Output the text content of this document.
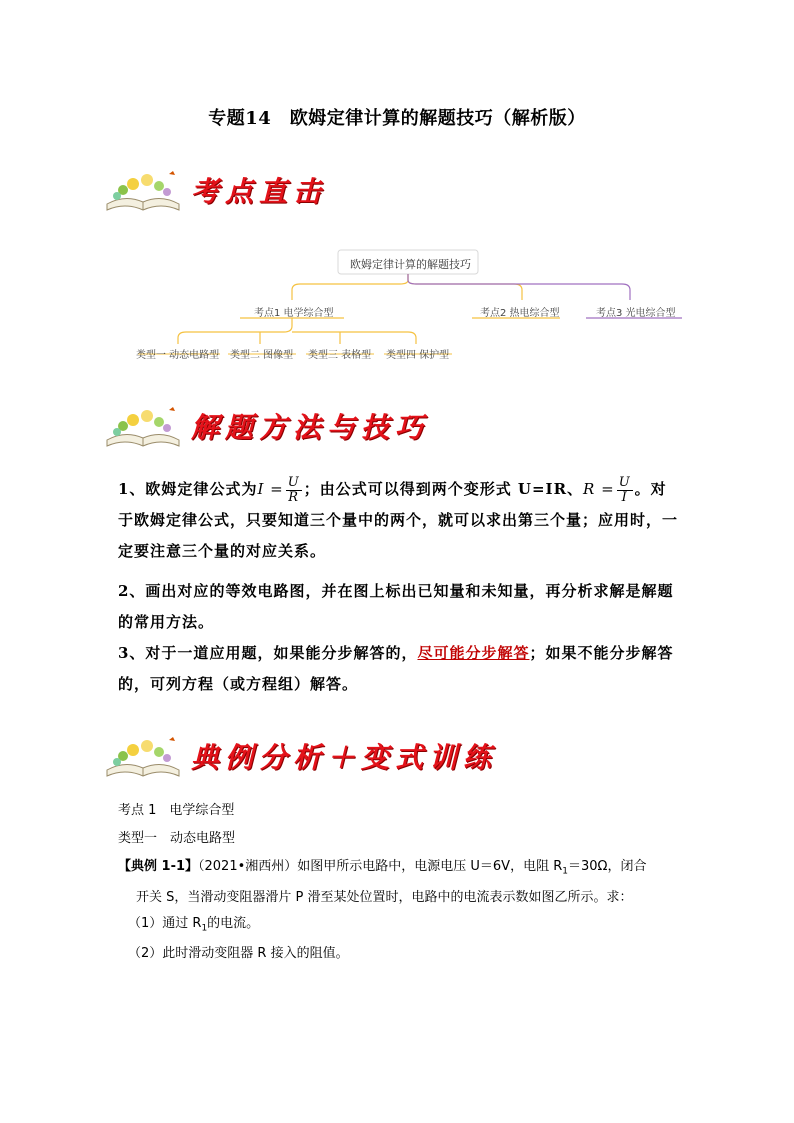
专题14　欧姆定律计算的解题技巧（解析版）
考点直击
欧姆定律计算的解题技巧
考点1 电学综合型	考点2 热电综合型	考点3 光电综合型
类型一 动态电路型 类型二 图像型 类型三 表格型 类型四 保护型
解题方法与技巧
1、欧姆定律公式为$I = \frac{U}{R}$ ；由公式可以得到两个变形式 U=IR、$R = \frac{U}{I}$ 。对于欧姆定律公式，只要知道三个量中的两个，就可以求出第三个量；应用时，一定要注意三个量的对应关系。
2、画出对应的等效电路图，并在图上标出已知量和未知量，再分析求解是解题的常用方法。
3、对于一道应用题，如果能分步解答的，尽可能分步解答；如果不能分步解答的，可列方程（或方程组）解答。
典例分析＋变式训练
考点 1　电学综合型
类型一　动态电路型
【典例 1-1】（2021•湘西州）如图甲所示电路中，电源电压 U＝6V，电阻 $R_1=30\Omega$，闭合
开关 S，当滑动变阻器滑片 P 滑至某处位置时，电路中的电流表示数如图乙所示。求：
（1）通过 $R_1$的电流。
（2）此时滑动变阻器 R 接入的阻值。
